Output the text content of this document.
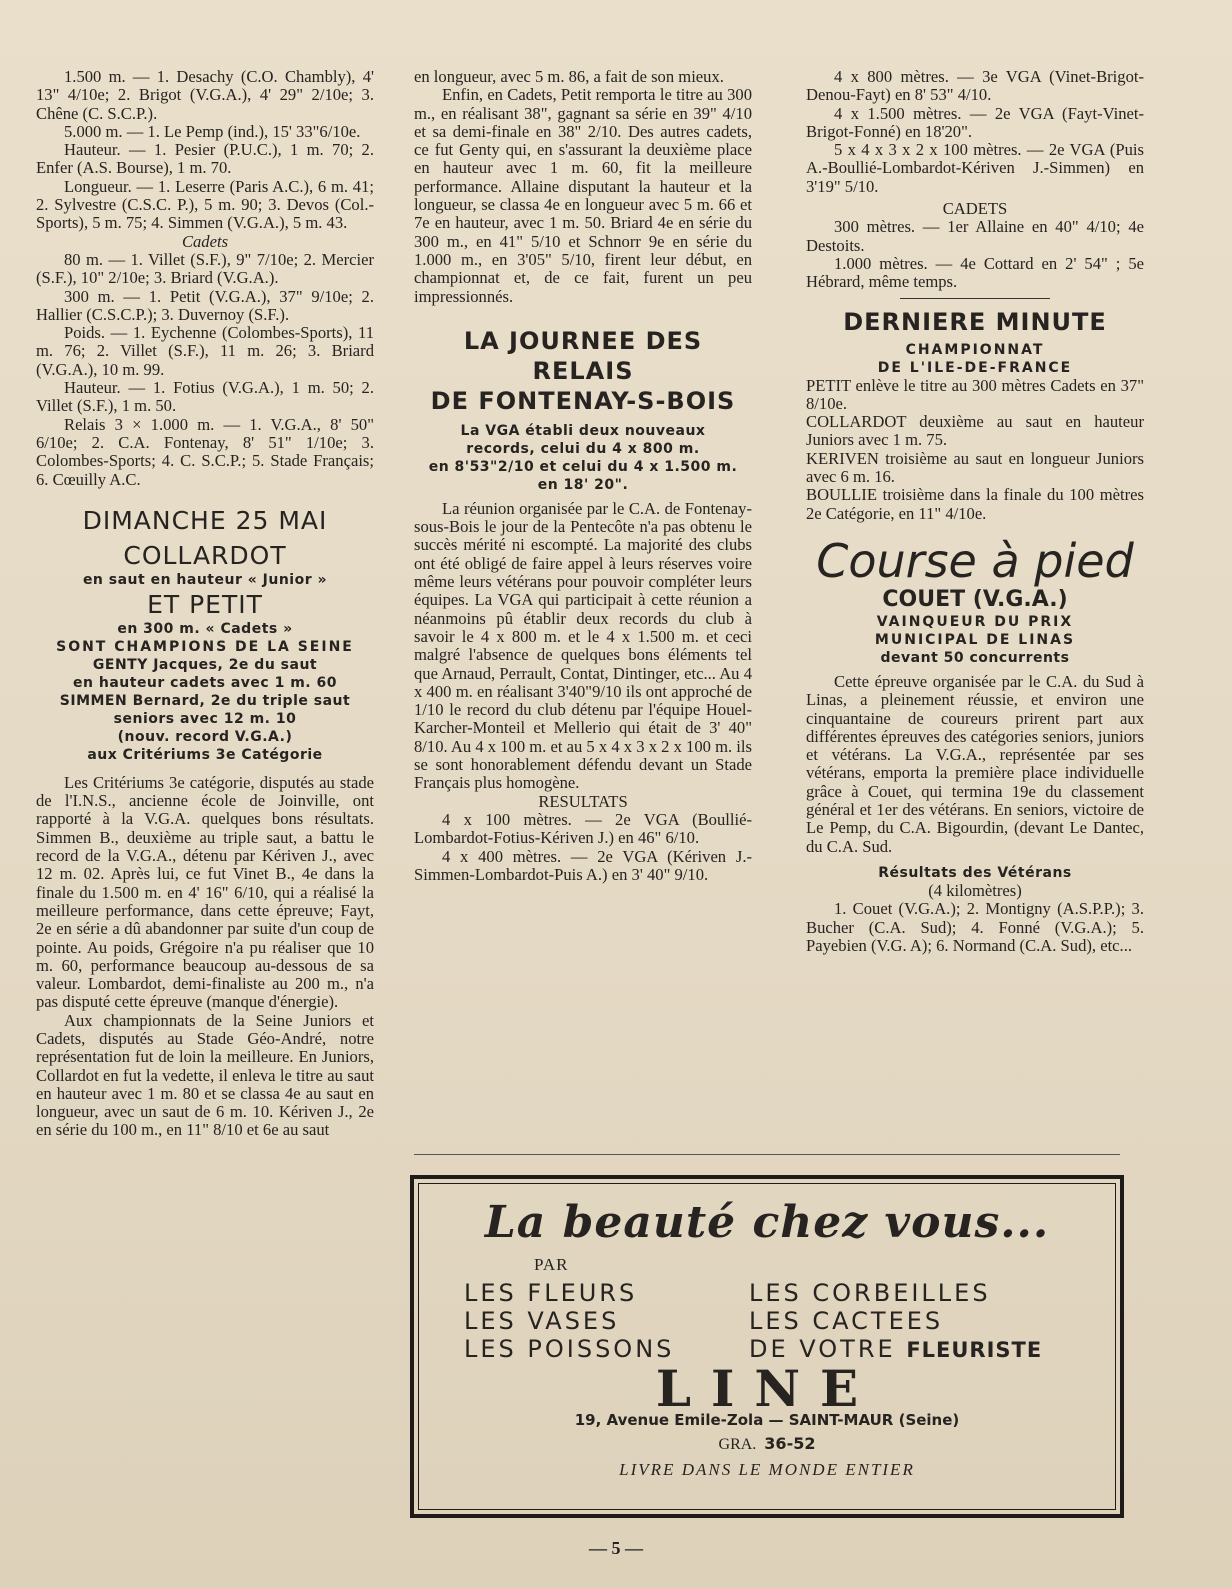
1.500 m. — 1. Desachy (C.O. Chambly), 4' 13" 4/10e; 2. Brigot (V.G.A.), 4' 29" 2/10e; 3. Chêne (C. S.C.P.).

5.000 m. — 1. Le Pemp (ind.), 15' 33"6/10e.

Hauteur. — 1. Pesier (P.U.C.), 1 m. 70; 2. Enfer (A.S. Bourse), 1 m. 70.

Longueur. — 1. Leserre (Paris A.C.), 6 m. 41; 2. Sylvestre (C.S.C. P.), 5 m. 90; 3. Devos (Col.-Sports), 5 m. 75; 4. Simmen (V.G.A.), 5 m. 43.

Cadets

80 m. — 1. Villet (S.F.), 9" 7/10e; 2. Mercier (S.F.), 10" 2/10e; 3. Briard (V.G.A.).

300 m. — 1. Petit (V.G.A.), 37" 9/10e; 2. Hallier (C.S.C.P.); 3. Duvernoy (S.F.).

Poids. — 1. Eychenne (Colombes-Sports), 11 m. 76; 2. Villet (S.F.), 11 m. 26; 3. Briard (V.G.A.), 10 m. 99.

Hauteur. — 1. Fotius (V.G.A.), 1 m. 50; 2. Villet (S.F.), 1 m. 50.

Relais 3 × 1.000 m. — 1. V.G.A., 8' 50" 6/10e; 2. C.A. Fontenay, 8' 51" 1/10e; 3. Colombes-Sports; 4. C. S.C.P.; 5. Stade Français; 6. Cœuilly A.C.

DIMANCHE 25 MAI
COLLARDOT
en saut en hauteur « Junior »
ET PETIT
en 300 m. « Cadets »
SONT CHAMPIONS DE LA SEINE
GENTY Jacques, 2e du saut
en hauteur cadets avec 1 m. 60
SIMMEN Bernard, 2e du triple saut
seniors avec 12 m. 10
(nouv. record V.G.A.)
aux Critériums 3e Catégorie

Les Critériums 3e catégorie, disputés au stade de l'I.N.S., ancienne école de Joinville, ont rapporté à la V.G.A. quelques bons résultats. Simmen B., deuxième au triple saut, a battu le record de la V.G.A., détenu par Kériven J., avec 12 m. 02. Après lui, ce fut Vinet B., 4e dans la finale du 1.500 m. en 4' 16" 6/10, qui a réalisé la meilleure performance, dans cette épreuve; Fayt, 2e en série a dû abandonner par suite d'un coup de pointe. Au poids, Grégoire n'a pu réaliser que 10 m. 60, performance beaucoup au-dessous de sa valeur. Lombardot, demi-finaliste au 200 m., n'a pas disputé cette épreuve (manque d'énergie).

Aux championnats de la Seine Juniors et Cadets, disputés au Stade Géo-André, notre représentation fut de loin la meilleure. En Juniors, Collardot en fut la vedette, il enleva le titre au saut en hauteur avec 1 m. 80 et se classa 4e au saut en longueur, avec un saut de 6 m. 10. Kériven J., 2e en série du 100 m., en 11" 8/10 et 6e au saut

en longueur, avec 5 m. 86, a fait de son mieux.

Enfin, en Cadets, Petit remporta le titre au 300 m., en réalisant 38", gagnant sa série en 39" 4/10 et sa demi-finale en 38" 2/10. Des autres cadets, ce fut Genty qui, en s'assurant la deuxième place en hauteur avec 1 m. 60, fit la meilleure performance. Allaine disputant la hauteur et la longueur, se classa 4e en longueur avec 5 m. 66 et 7e en hauteur, avec 1 m. 50. Briard 4e en série du 300 m., en 41" 5/10 et Schnorr 9e en série du 1.000 m., en 3'05" 5/10, firent leur début, en championnat et, de ce fait, furent un peu impressionnés.

LA JOURNEE DES RELAIS
DE FONTENAY-S-BOIS
La VGA établi deux nouveaux
records, celui du 4 x 800 m.
en 8'53"2/10 et celui du 4 x 1.500 m.
en 18' 20".

La réunion organisée par le C.A. de Fontenay-sous-Bois le jour de la Pentecôte n'a pas obtenu le succès mérité ni escompté. La majorité des clubs ont été obligé de faire appel à leurs réserves voire même leurs vétérans pour pouvoir compléter leurs équipes. La VGA qui participait à cette réunion a néanmoins pû établir deux records du club à savoir le 4 x 800 m. et le 4 x 1.500 m. et ceci malgré l'absence de quelques bons éléments tel que Arnaud, Perrault, Contat, Dintinger, etc... Au 4 x 400 m. en réalisant 3'40"9/10 ils ont approché de 1/10 le record du club détenu par l'équipe Houel-Karcher-Monteil et Mellerio qui était de 3' 40" 8/10. Au 4 x 100 m. et au 5 x 4 x 3 x 2 x 100 m. ils se sont honorablement défendu devant un Stade Français plus homogène.

RESULTATS

4 x 100 mètres. — 2e VGA (Boullié-Lombardot-Fotius-Kériven J.) en 46" 6/10.

4 x 400 mètres. — 2e VGA (Kériven J.-Simmen-Lombardot-Puis A.) en 3' 40" 9/10.

4 x 800 mètres. — 3e VGA (Vinet-Brigot-Denou-Fayt) en 8' 53" 4/10.

4 x 1.500 mètres. — 2e VGA (Fayt-Vinet-Brigot-Fonné) en 18'20".

5 x 4 x 3 x 2 x 100 mètres. — 2e VGA (Puis A.-Boullié-Lombardot-Kériven J.-Simmen) en 3'19" 5/10.

CADETS

300 mètres. — 1er Allaine en 40" 4/10; 4e Destoits.

1.000 mètres. — 4e Cottard en 2' 54" ; 5e Hébrard, même temps.

DERNIERE MINUTE
CHAMPIONNAT
DE L'ILE-DE-FRANCE

PETIT enlève le titre au 300 mètres Cadets en 37" 8/10e.

COLLARDOT deuxième au saut en hauteur Juniors avec 1 m. 75.

KERIVEN troisième au saut en longueur Juniors avec 6 m. 16.

BOULLIE troisième dans la finale du 100 mètres 2e Catégorie, en 11" 4/10e.

Course à pied
COUET (V.G.A.)
VAINQUEUR DU PRIX
MUNICIPAL DE LINAS
devant 50 concurrents

Cette épreuve organisée par le C.A. du Sud à Linas, a pleinement réussie, et environ une cinquantaine de coureurs prirent part aux différentes épreuves des catégories seniors, juniors et vétérans. La V.G.A., représentée par ses vétérans, emporta la première place individuelle grâce à Couet, qui termina 19e du classement général et 1er des vétérans. En seniors, victoire de Le Pemp, du C.A. Bigourdin, (devant Le Dantec, du C.A. Sud.

Résultats des Vétérans

(4 kilomètres)

1. Couet (V.G.A.); 2. Montigny (A.S.P.P.); 3. Bucher (C.A. Sud); 4. Fonné (V.G.A.); 5. Payebien (V.G. A); 6. Normand (C.A. Sud), etc...

La beauté chez vous...
PAR
LES FLEURS	LES CORBEILLES
LES VASES	LES CACTEES
LES POISSONS	DE VOTRE FLEURISTE
LINE
19, Avenue Emile-Zola — SAINT-MAUR (Seine)
GRA. 36-52
LIVRE DANS LE MONDE ENTIER
— 5 —
